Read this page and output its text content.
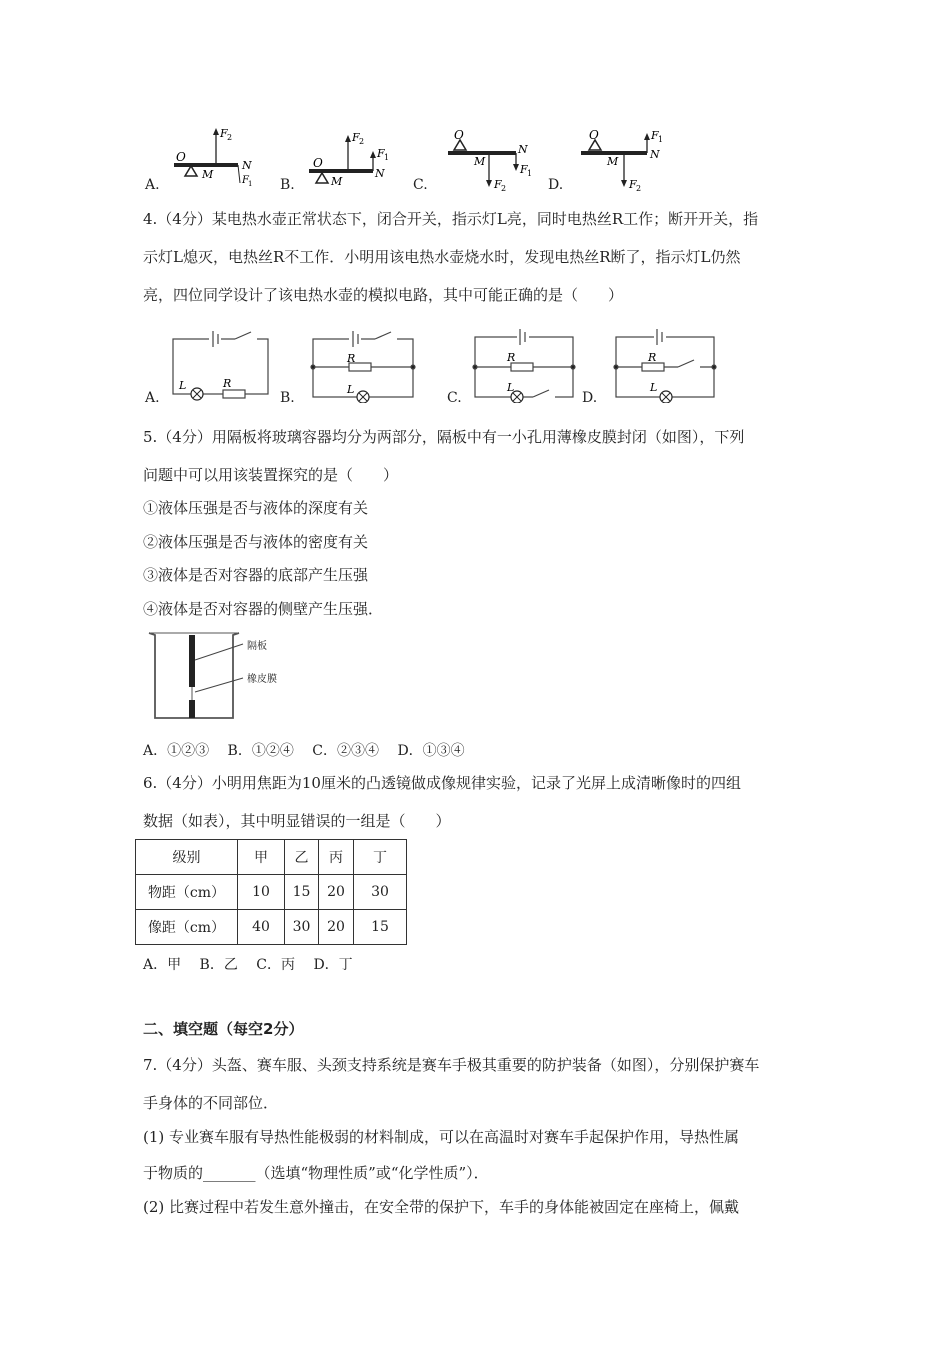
O
M
N
F 2
F 1
O
M
N
F 2
F 1
O
M
N
F 1
F 2
O
M
N
F 1
F 2
A.	B.	C.	D.
4.（4分）某电热水壶正常状态下，闭合开关，指示灯L亮，同时电热丝R工作；断开开关，指
示灯L熄灭，电热丝R不工作．小明用该电热水壶烧水时，发现电热丝R断了，指示灯L仍然
亮，四位同学设计了该电热水壶的模拟电路，其中可能正确的是（　　）
L	R
R
L
R
L
R
L
A.	B.	C.	D.
5.（4分）用隔板将玻璃容器均分为两部分，隔板中有一小孔用薄橡皮膜封闭（如图），下列
问题中可以用该装置探究的是（　　）
①液体压强是否与液体的深度有关
②液体压强是否与液体的密度有关
③液体是否对容器的底部产生压强
④液体是否对容器的侧壁产生压强．
隔板
橡皮膜
A．①②③　 B．①②④　 C．②③④　 D．①③④
6.（4分）小明用焦距为10厘米的凸透镜做成像规律实验，记录了光屏上成清晰像时的四组
数据（如表），其中明显错误的一组是（　　）
级别	甲	乙	丙	丁
物距（cm）	10	15	20	30
像距（cm）	40	30	20	15
A．甲　 B．乙　 C．丙　 D．丁
二、填空题（每空2分）
7.（4分）头盔、赛车服、头颈支持系统是赛车手极其重要的防护装备（如图），分别保护赛车
手身体的不同部位．
(1) 专业赛车服有导热性能极弱的材料制成，可以在高温时对赛车手起保护作用，导热性属
于物质的_______（选填“物理性质”或“化学性质”）．
(2) 比赛过程中若发生意外撞击，在安全带的保护下，车手的身体能被固定在座椅上，佩戴
